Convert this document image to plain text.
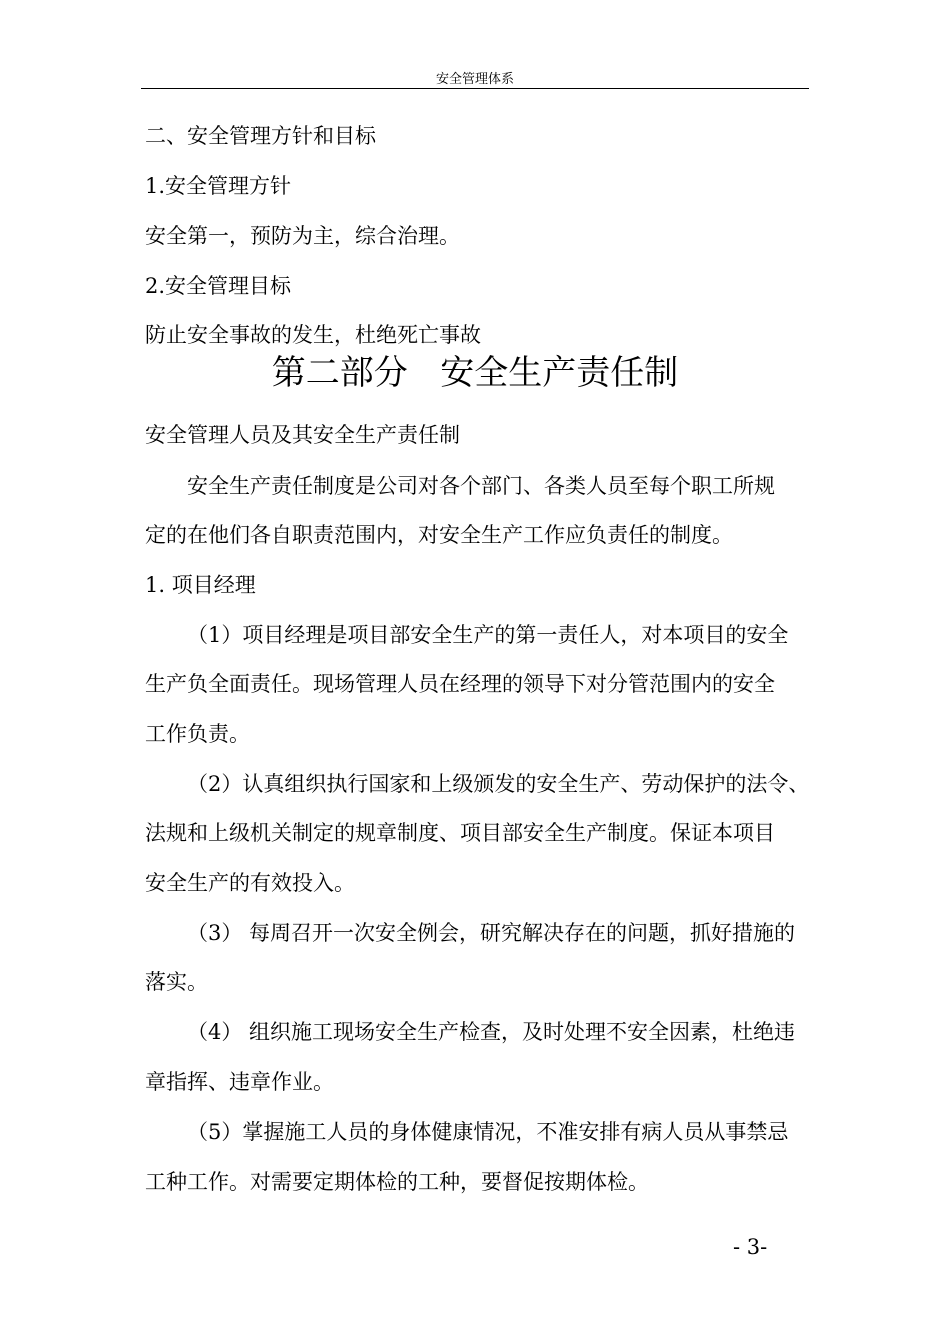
安全管理体系
二、安全管理方针和目标
1.安全管理方针
安全第一，预防为主，综合治理。
2.安全管理目标
防止安全事故的发生，杜绝死亡事故
第二部分   安全生产责任制
安全管理人员及其安全生产责任制
安全生产责任制度是公司对各个部门、各类人员至每个职工所规
定的在他们各自职责范围内，对安全生产工作应负责任的制度。
1. 项目经理
（1）项目经理是项目部安全生产的第一责任人，对本项目的安全
生产负全面责任。现场管理人员在经理的领导下对分管范围内的安全
工作负责。
（2）认真组织执行国家和上级颁发的安全生产、劳动保护的法令、
法规和上级机关制定的规章制度、项目部安全生产制度。保证本项目
安全生产的有效投入。
（3） 每周召开一次安全例会，研究解决存在的问题，抓好措施的
落实。
（4） 组织施工现场安全生产检查，及时处理不安全因素，杜绝违
章指挥、违章作业。
（5）掌握施工人员的身体健康情况，不准安排有病人员从事禁忌
工种工作。对需要定期体检的工种，要督促按期体检。
- 3-
